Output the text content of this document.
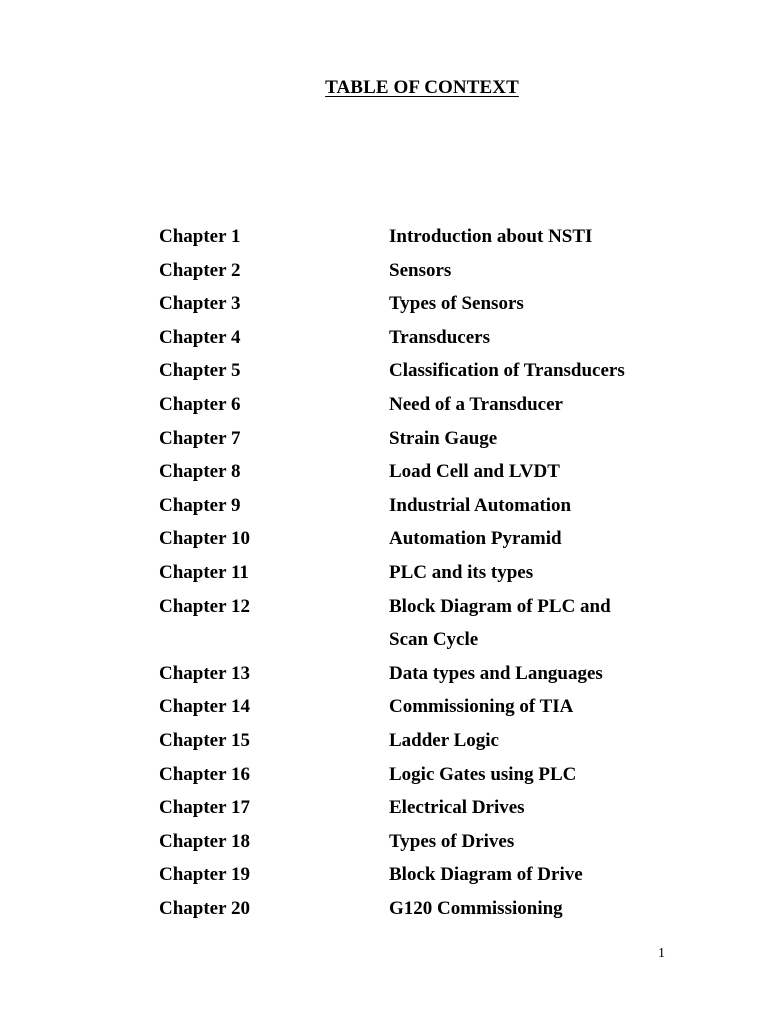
TABLE OF CONTEXT
Chapter 1	Introduction about NSTI
Chapter 2	Sensors
Chapter 3	Types of Sensors
Chapter 4	Transducers
Chapter 5	Classification of Transducers
Chapter 6	Need of a Transducer
Chapter 7	Strain Gauge
Chapter 8	Load Cell and LVDT
Chapter 9	Industrial Automation
Chapter 10	Automation Pyramid
Chapter 11	PLC and its types
Chapter 12	Block Diagram of PLC and
Scan Cycle
Chapter 13	Data types and Languages
Chapter 14	Commissioning of TIA
Chapter 15	Ladder Logic
Chapter 16	Logic Gates using PLC
Chapter 17	Electrical Drives
Chapter 18	Types of Drives
Chapter 19	Block Diagram of Drive
Chapter 20	G120 Commissioning
1
